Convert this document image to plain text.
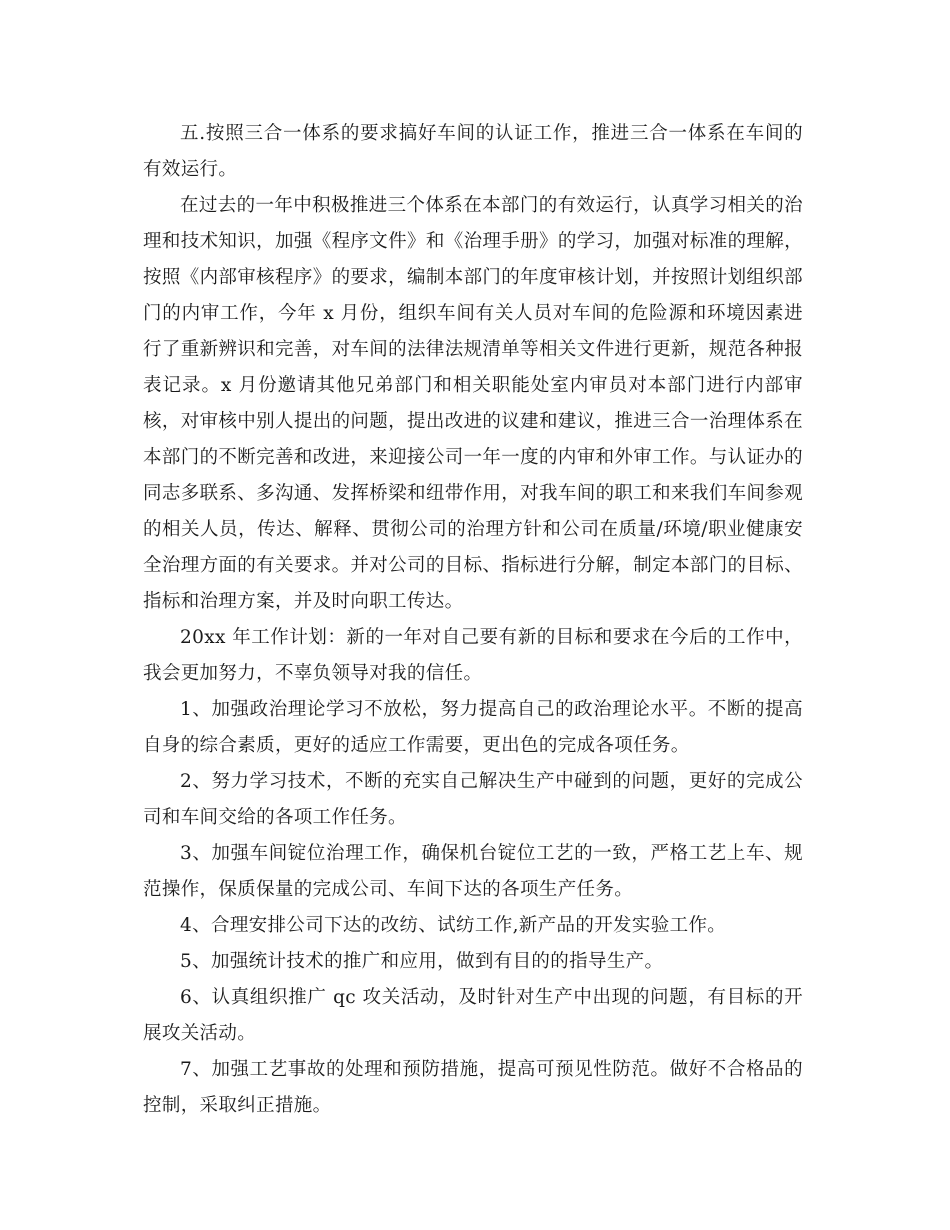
五.按照三合一体系的要求搞好车间的认证工作，推进三合一体系在车间的有效运行。

在过去的一年中积极推进三个体系在本部门的有效运行，认真学习相关的治理和技术知识，加强《程序文件》和《治理手册》的学习，加强对标准的理解，按照《内部审核程序》的要求，编制本部门的年度审核计划，并按照计划组织部门的内审工作，今年 x 月份，组织车间有关人员对车间的危险源和环境因素进行了重新辨识和完善，对车间的法律法规清单等相关文件进行更新，规范各种报表记录。x 月份邀请其他兄弟部门和相关职能处室内审员对本部门进行内部审核，对审核中别人提出的问题，提出改进的议建和建议，推进三合一治理体系在本部门的不断完善和改进，来迎接公司一年一度的内审和外审工作。与认证办的同志多联系、多沟通、发挥桥梁和纽带作用，对我车间的职工和来我们车间参观的相关人员，传达、解释、贯彻公司的治理方针和公司在质量/环境/职业健康安全治理方面的有关要求。并对公司的目标、指标进行分解，制定本部门的目标、指标和治理方案，并及时向职工传达。

20xx 年工作计划：新的一年对自己要有新的目标和要求在今后的工作中，我会更加努力，不辜负领导对我的信任。

1、加强政治理论学习不放松，努力提高自己的政治理论水平。不断的提高自身的综合素质，更好的适应工作需要，更出色的完成各项任务。

2、努力学习技术，不断的充实自己解决生产中碰到的问题，更好的完成公司和车间交给的各项工作任务。

3、加强车间锭位治理工作，确保机台锭位工艺的一致，严格工艺上车、规范操作，保质保量的完成公司、车间下达的各项生产任务。

4、合理安排公司下达的改纺、试纺工作,新产品的开发实验工作。

5、加强统计技术的推广和应用，做到有目的的指导生产。

6、认真组织推广 qc 攻关活动，及时针对生产中出现的问题，有目标的开展攻关活动。

7、加强工艺事故的处理和预防措施，提高可预见性防范。做好不合格品的控制，采取纠正措施。
